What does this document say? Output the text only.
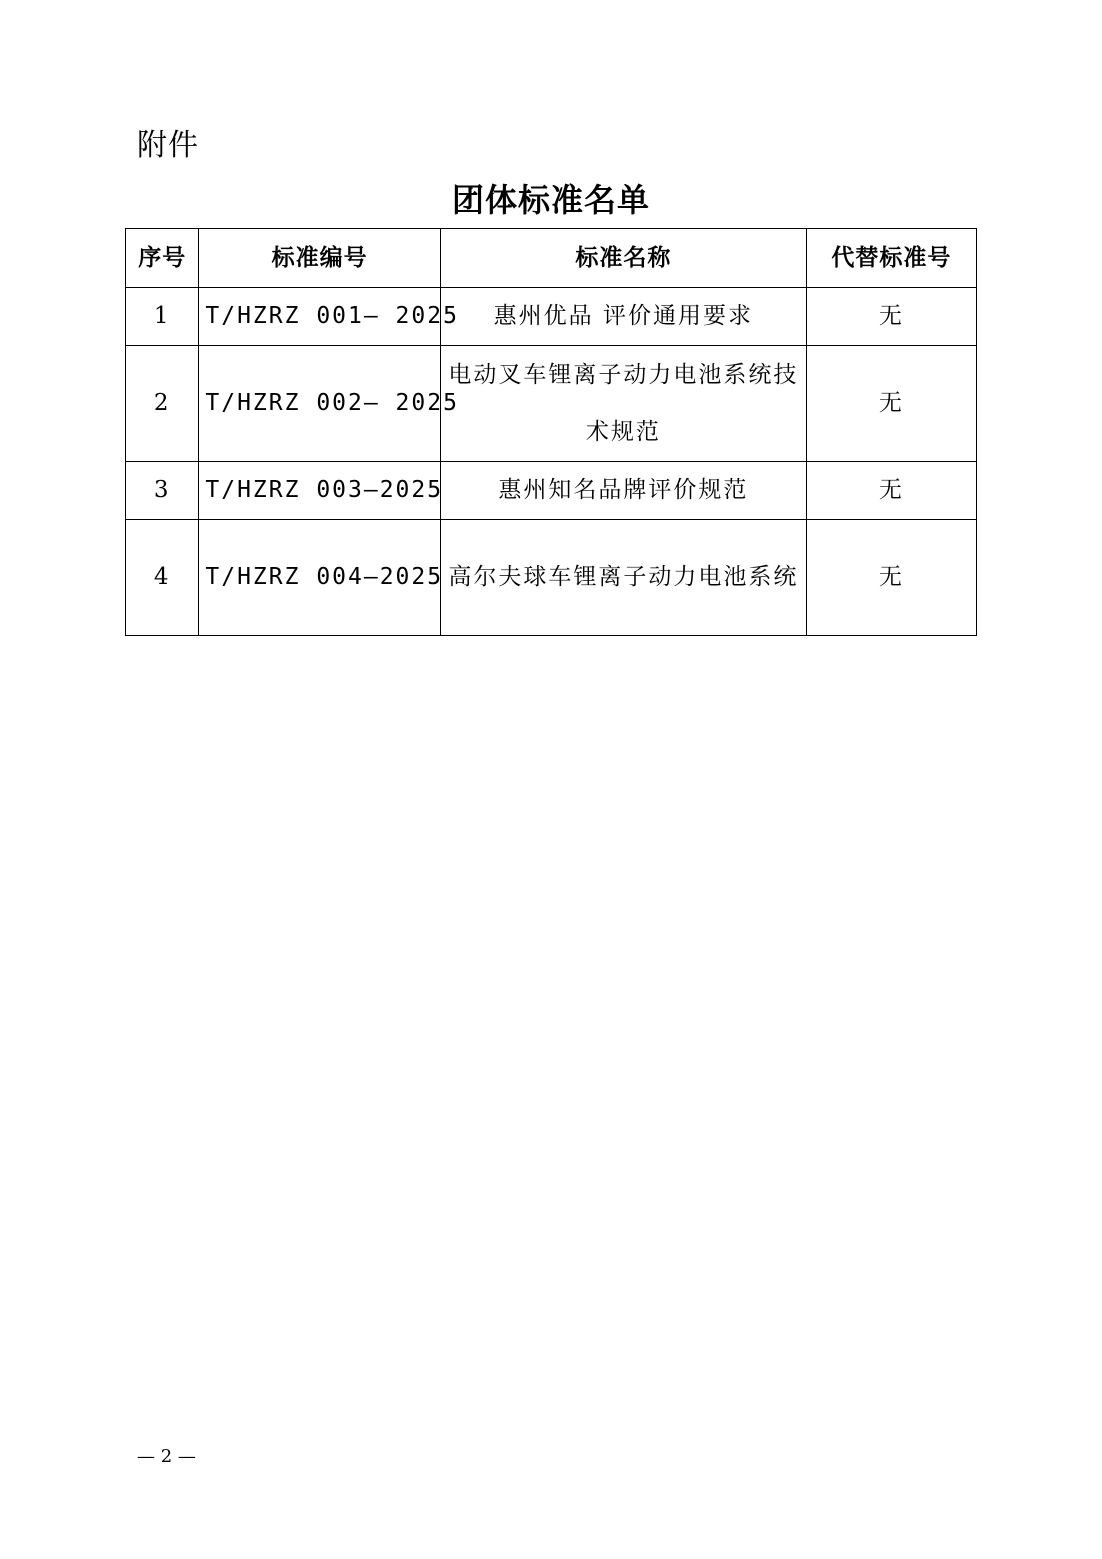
附件
团体标准名单
序号	标准编号	标准名称	代替标准号
1	T/HZRZ 001— 2025	惠州优品 评价通用要求	无
2	T/HZRZ 002— 2025	电动叉车锂离子动力电池系统技术规范	无
3	T/HZRZ 003—2025	惠州知名品牌评价规范	无
4	T/HZRZ 004—2025	高尔夫球车锂离子动力电池系统	无
— 2 —
